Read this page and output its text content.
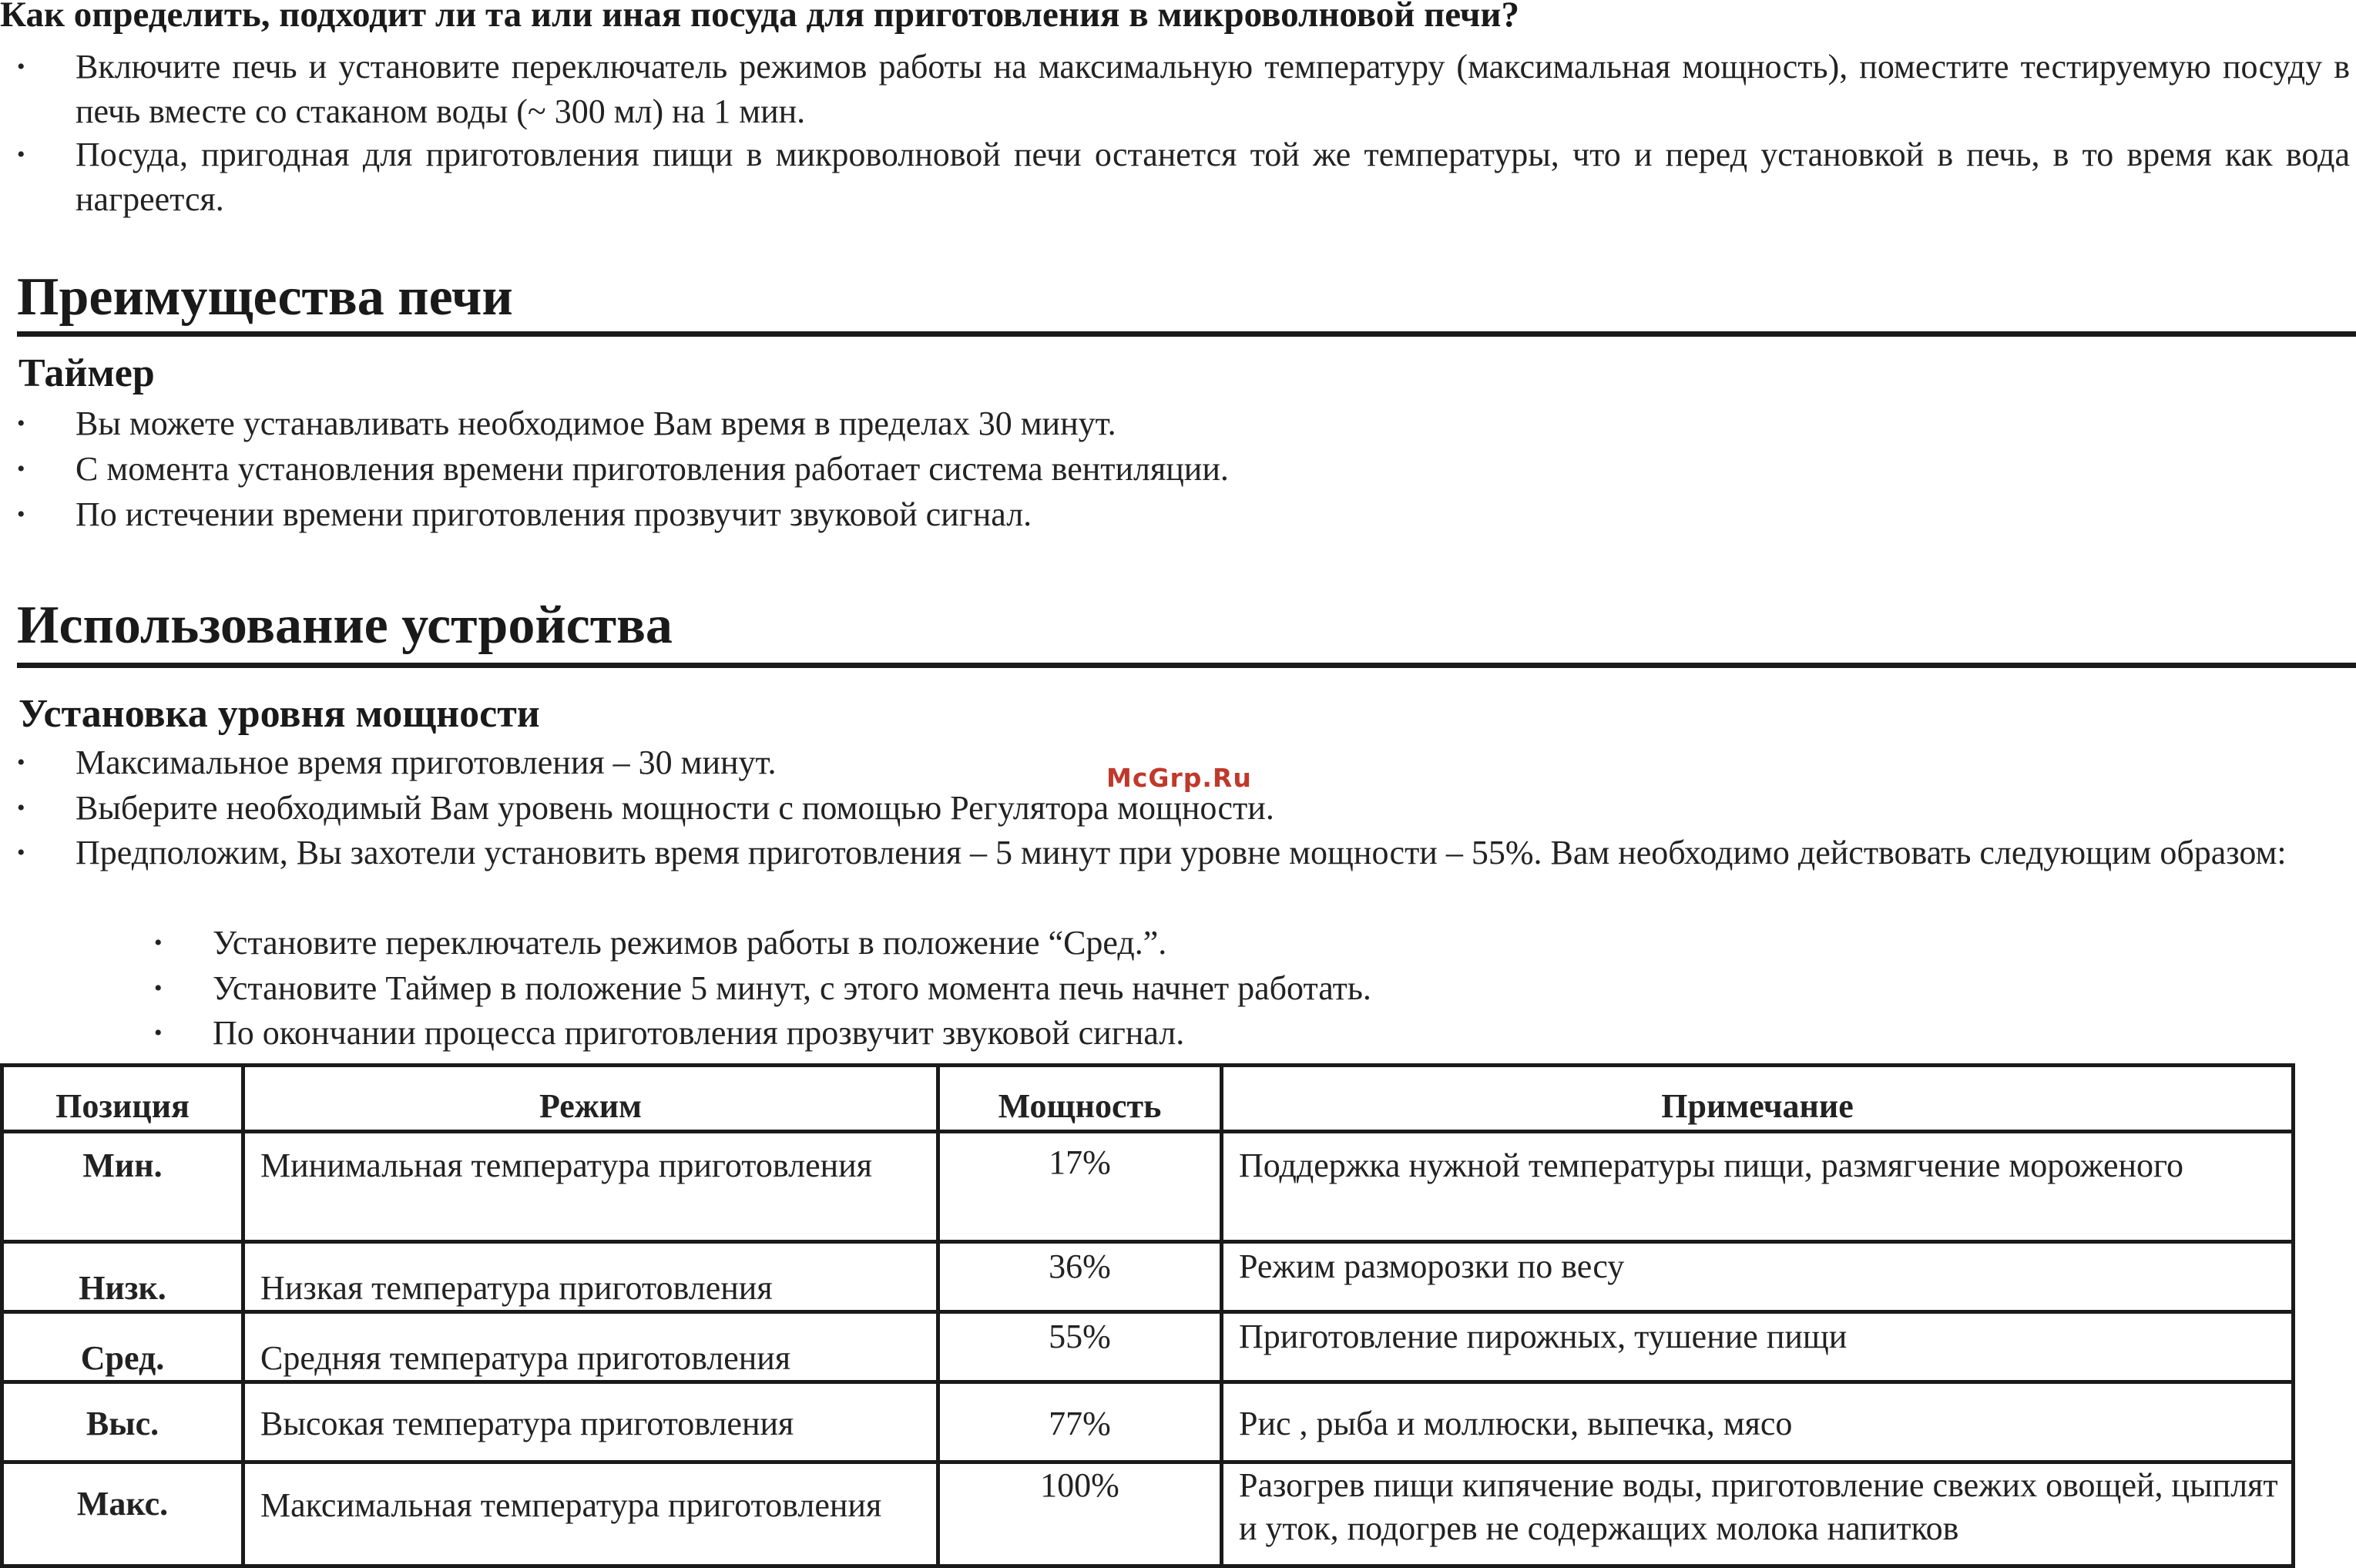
Как определить, подходит ли та или иная посуда для приготовления в микроволновой печи?
• Включите печь и установите переключатель режимов работы на максимальную температуру (максимальная мощность), поместите тестируемую посуду в печь вместе со стаканом воды (~ 300 мл) на 1 мин.
• Посуда, пригодная для приготовления пищи в микроволновой печи останется той же температуры, что и перед установкой в печь, в то время как вода нагреется.
Преимущества печи
Таймер
• Вы можете устанавливать необходимое Вам время в пределах 30 минут.
• С момента установления времени приготовления работает система вентиляции.
• По истечении времени приготовления прозвучит звуковой сигнал.
Использование устройства
Установка уровня мощности
• Максимальное время приготовления – 30 минут.
• Выберите необходимый Вам уровень мощности с помощью Регулятора мощности.
• Предположим, Вы захотели установить время приготовления – 5 минут при уровне мощности – 55%. Вам необходимо действовать следующим образом:
• Установите переключатель режимов работы в положение “Сред.”.
• Установите Таймер в положение 5 минут, с этого момента печь начнет работать.
• По окончании процесса приготовления прозвучит звуковой сигнал.
McGrp.Ru
Позиция	Режим	Мощность	Примечание
Мин.	Минимальная температура приготовления	17%	Поддержка нужной температуры пищи, размягчение мороженого
Низк.	Низкая температура приготовления	36%	Режим разморозки по весу
Сред.	Средняя температура приготовления	55%	Приготовление пирожных, тушение пищи
Выс.	Высокая температура приготовления	77%	Рис , рыба и моллюски, выпечка, мясо
Макс.	Максимальная температура приготовления	100%	Разогрев пищи кипячение воды, приготовление свежих овощей, цыплят и уток, подогрев не содержащих молока напитков
